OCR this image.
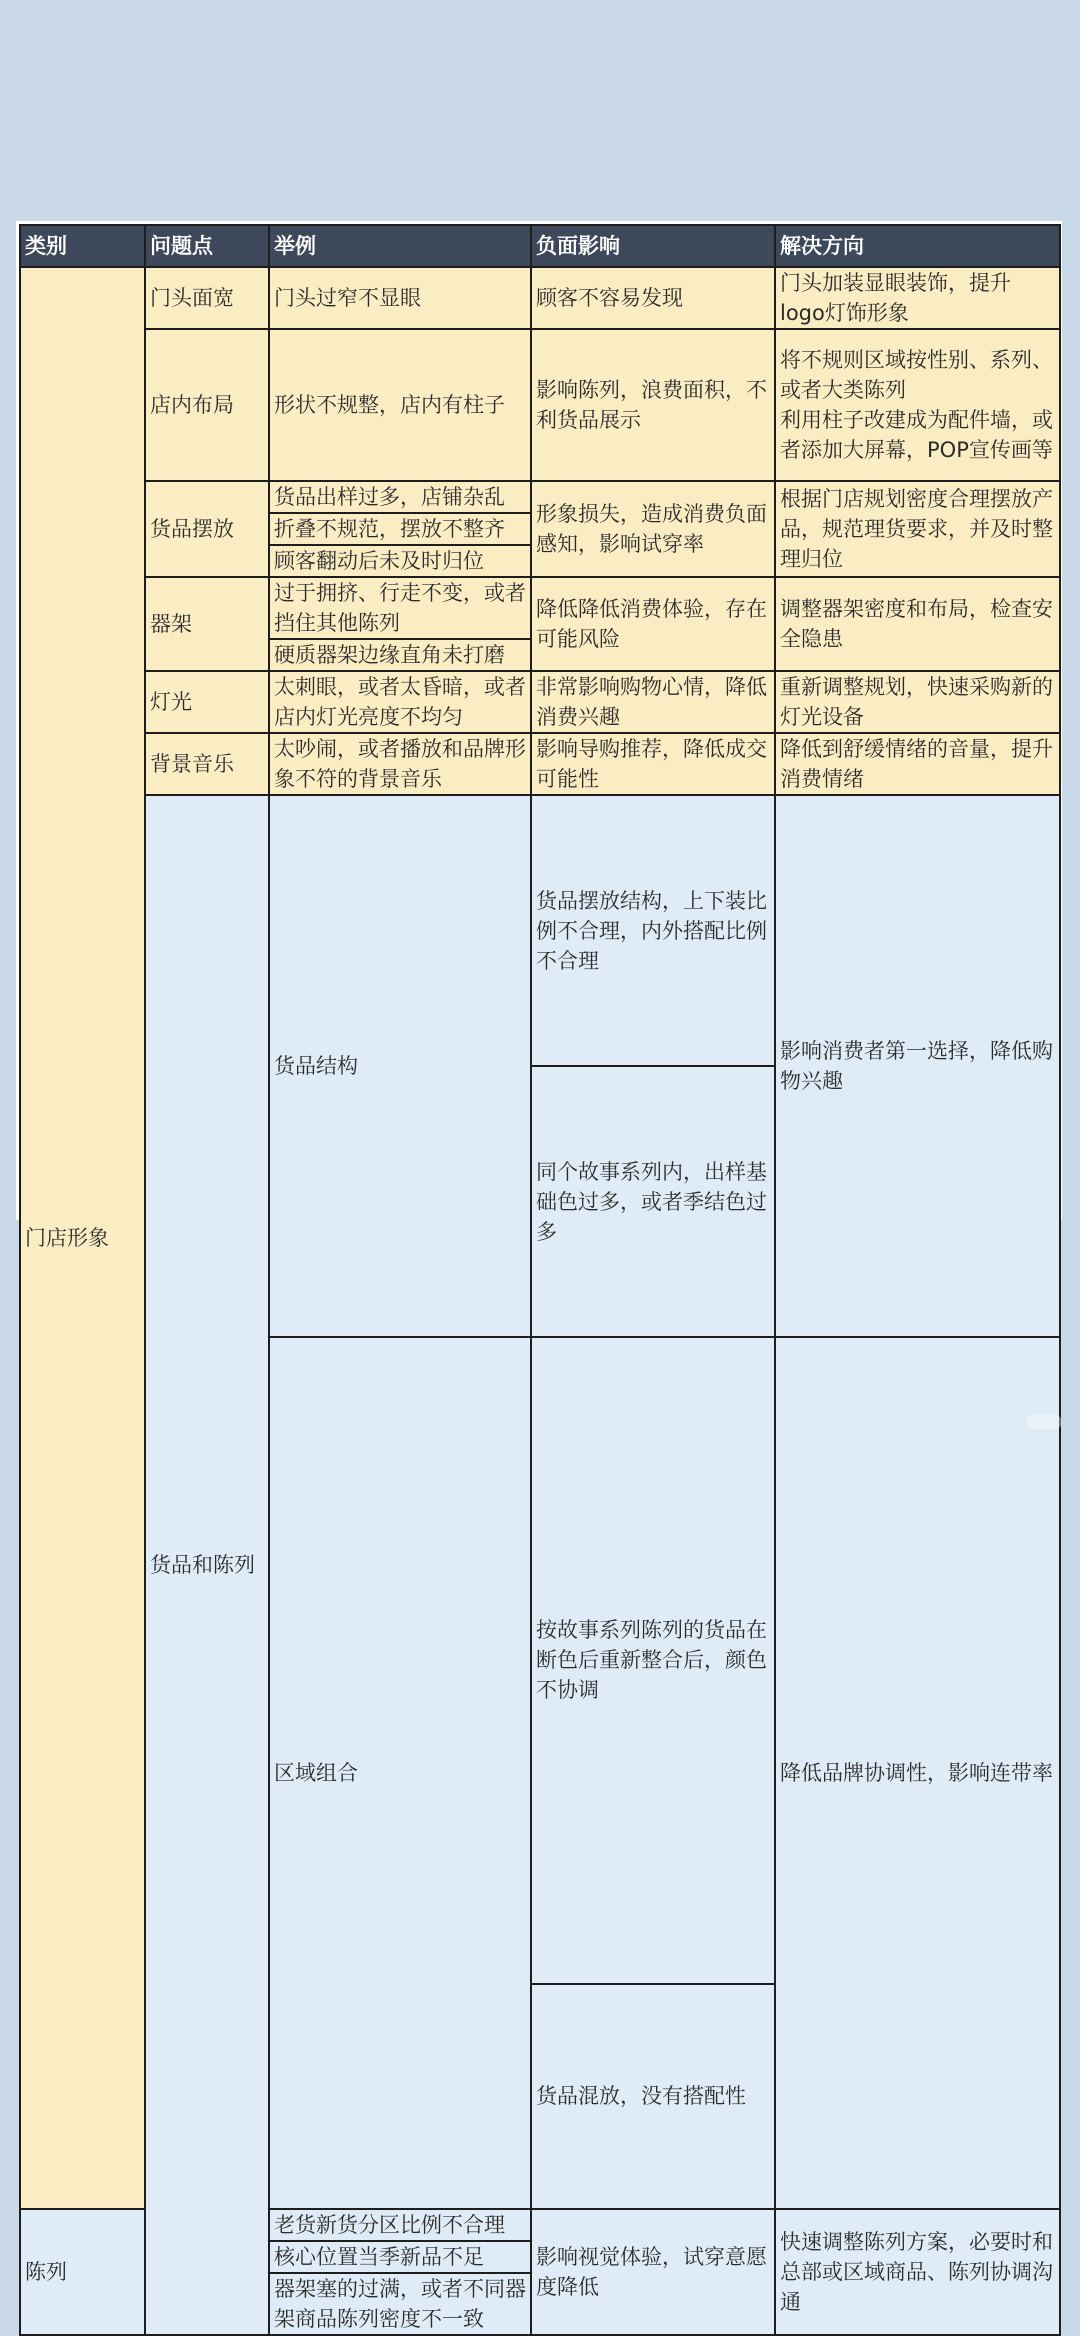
类别	问题点	举例	负面影响	解决方向	
门店形象	门头面宽	门头过窄不显眼	顾客不容易发现	门头加装显眼装饰，提升logo灯饰形象	
	店内布局	形状不规整，店内有柱子	影响陈列，浪费面积，不利货品展示	将不规则区域按性别、系列、或者大类陈列
利用柱子改建成为配件墙，或者添加大屏幕，POP宣传画等	
	货品摆放	货品出样过多，店铺杂乱	形象损失，造成消费负面感知，影响试穿率	根据门店规划密度合理摆放产品，规范理货要求，并及时整理归位	
		折叠不规范，摆放不整齐			
		顾客翻动后未及时归位			
	器架	过于拥挤、行走不变，或者挡住其他陈列	降低降低消费体验，存在可能风险	调整器架密度和布局，检查安全隐患	
		硬质器架边缘直角未打磨			
	灯光	太刺眼，或者太昏暗，或者店内灯光亮度不均匀	非常影响购物心情，降低消费兴趣	重新调整规划，快速采购新的灯光设备	
	背景音乐	太吵闹，或者播放和品牌形象不符的背景音乐	影响导购推荐，降低成交可能性	降低到舒缓情绪的音量，提升消费情绪	
	货品和陈列	货品结构	货品摆放结构，上下装比例不合理，内外搭配比例不合理	影响消费者第一选择，降低购物兴趣	
			同个故事系列内，出样基础色过多，或者季结色过多		
		区域组合	按故事系列陈列的货品在断色后重新整合后，颜色不协调	降低品牌协调性，影响连带率	
			货品混放，没有搭配性		
陈列		老货新货分区比例不合理	影响视觉体验，试穿意愿度降低	快速调整陈列方案，必要时和总部或区域商品、陈列协调沟通	
		核心位置当季新品不足			
		器架塞的过满，或者不同器架商品陈列密度不一致			
